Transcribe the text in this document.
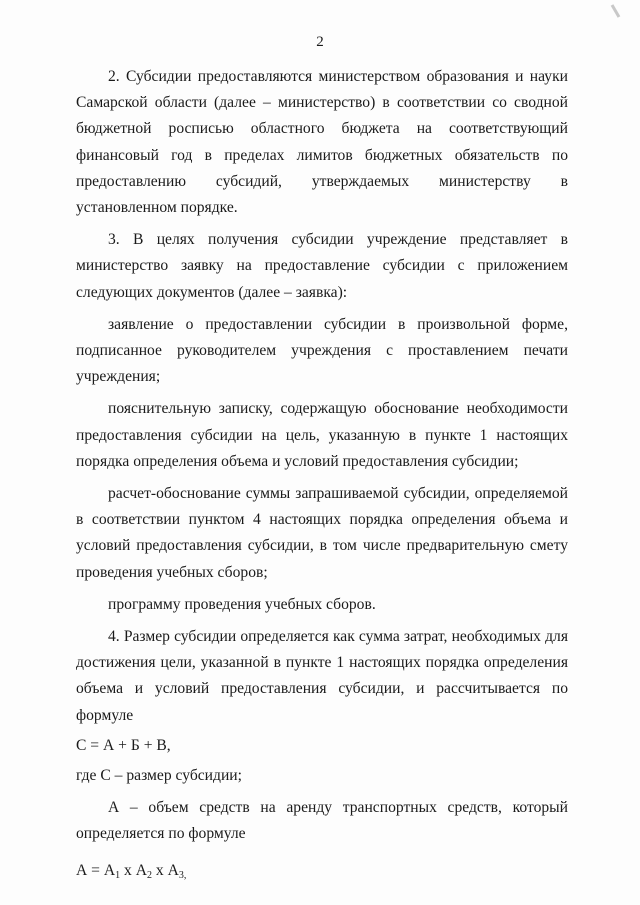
2

2. Субсидии предоставляются министерством образования и науки Самарской области (далее – министерство) в соответствии со сводной бюджетной росписью областного бюджета на соответствующий финансовый год в пределах лимитов бюджетных обязательств по предоставлению субсидий, утверждаемых министерству в установленном порядке.

3. В целях получения субсидии учреждение представляет в министерство заявку на предоставление субсидии с приложением следующих документов (далее – заявка):

заявление о предоставлении субсидии в произвольной форме, подписанное руководителем учреждения с проставлением печати учреждения;

пояснительную записку, содержащую обоснование необходимости предоставления субсидии на цель, указанную в пункте 1 настоящих порядка определения объема и условий предоставления субсидии;

расчет-обоснование суммы запрашиваемой субсидии, определяемой в соответствии пунктом 4 настоящих порядка определения объема и условий предоставления субсидии, в том числе предварительную смету проведения учебных сборов;

программу проведения учебных сборов.

4. Размер субсидии определяется как сумма затрат, необходимых для достижения цели, указанной в пункте 1 настоящих порядка определения объема и условий предоставления субсидии, и рассчитывается по формуле

С = А + Б + В,

где С – размер субсидии;

А – объем средств на аренду транспортных средств, который определяется по формуле

$А = А_1$ х $А_2$ х $А_{3,}$
